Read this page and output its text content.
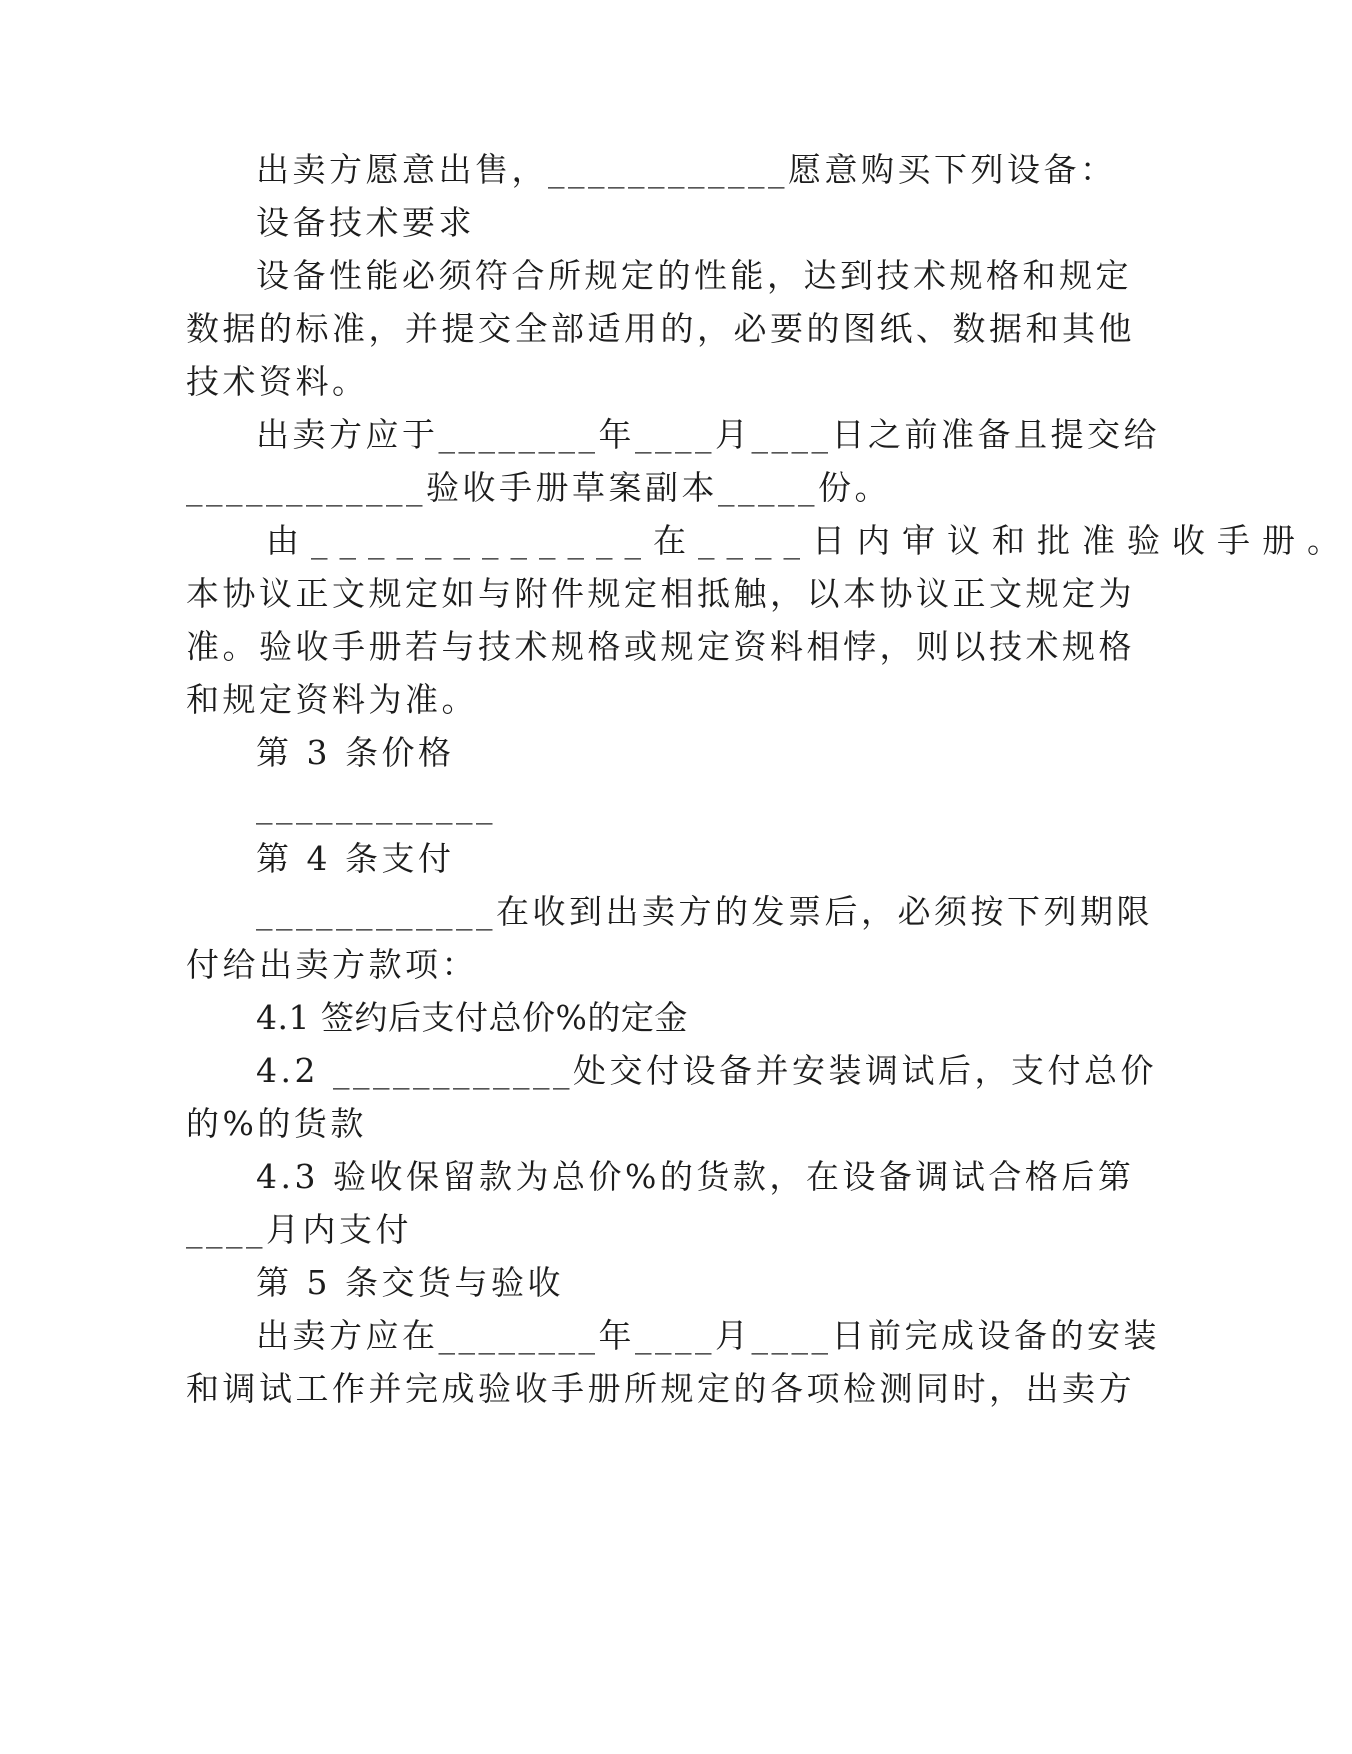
出卖方愿意出售，____________愿意购买下列设备：
设备技术要求
设备性能必须符合所规定的性能，达到技术规格和规定
数据的标准，并提交全部适用的，必要的图纸、数据和其他
技术资料。
出卖方应于________年____月____日之前准备且提交给
____________验收手册草案副本_____份。
由____________在____日内审议和批准验收手册。
本协议正文规定如与附件规定相抵触，以本协议正文规定为
准。验收手册若与技术规格或规定资料相悖，则以技术规格
和规定资料为准。
第 3 条价格
____________
第 4 条支付
____________在收到出卖方的发票后，必须按下列期限
付给出卖方款项：
4.1 签约后支付总价%的定金
4.2 ____________处交付设备并安装调试后，支付总价
的%的货款
4.3 验收保留款为总价%的货款，在设备调试合格后第
____月内支付
第 5 条交货与验收
出卖方应在________年____月____日前完成设备的安装
和调试工作并完成验收手册所规定的各项检测同时，出卖方
